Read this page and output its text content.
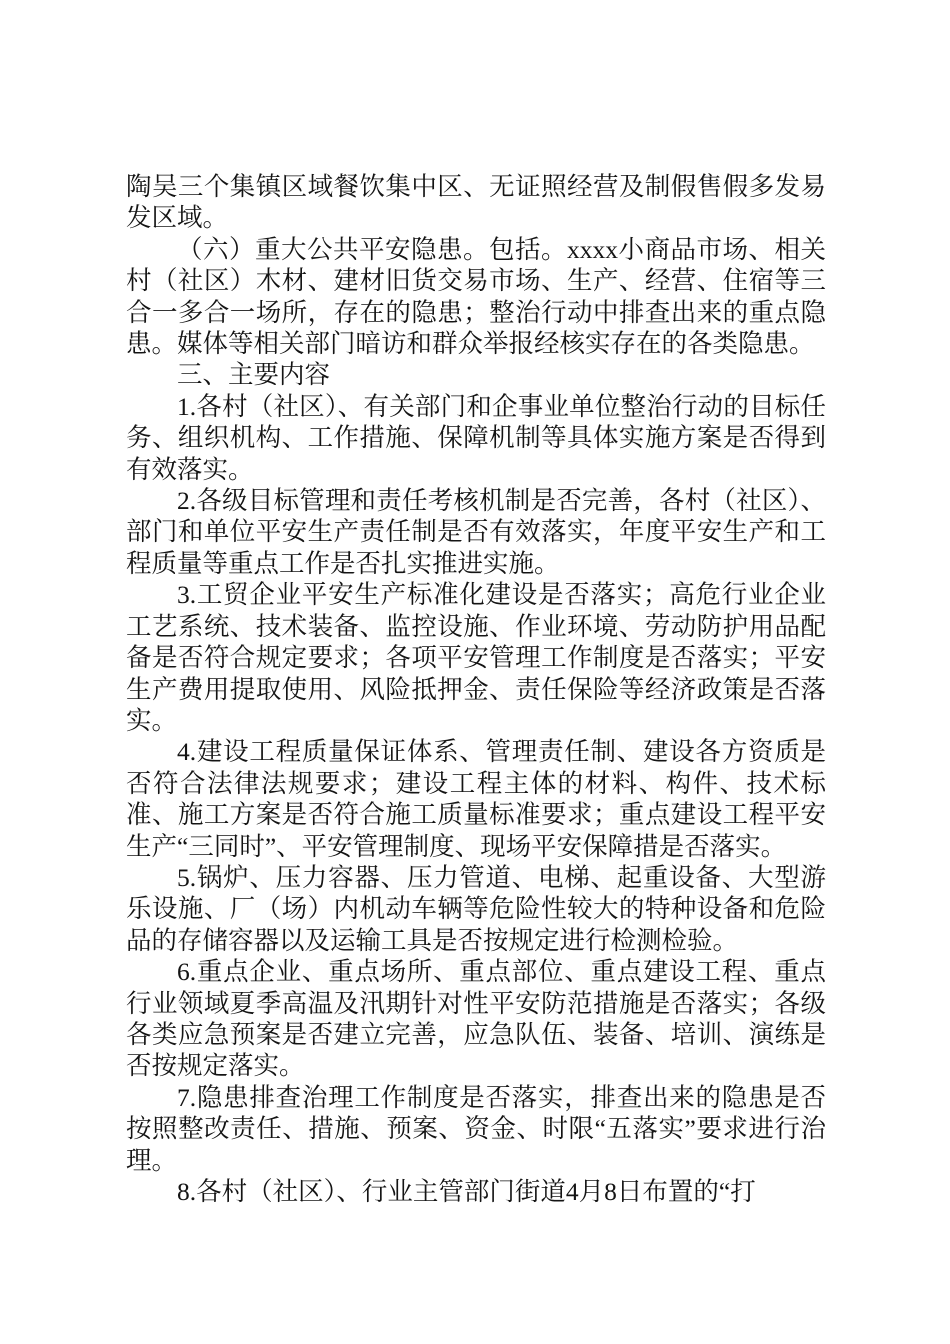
陶吴三个集镇区域餐饮集中区、无证照经营及制假售假多发易发区域。

（六）重大公共平安隐患。包括。xxxx小商品市场、相关村（社区）木材、建材旧货交易市场、生产、经营、住宿等三合一多合一场所，存在的隐患；整治行动中排查出来的重点隐患。媒体等相关部门暗访和群众举报经核实存在的各类隐患。

三、主要内容

1.各村（社区）、有关部门和企事业单位整治行动的目标任务、组织机构、工作措施、保障机制等具体实施方案是否得到有效落实。

2.各级目标管理和责任考核机制是否完善，各村（社区）、部门和单位平安生产责任制是否有效落实，年度平安生产和工程质量等重点工作是否扎实推进实施。

3.工贸企业平安生产标准化建设是否落实；高危行业企业工艺系统、技术装备、监控设施、作业环境、劳动防护用品配备是否符合规定要求；各项平安管理工作制度是否落实；平安生产费用提取使用、风险抵押金、责任保险等经济政策是否落实。

4.建设工程质量保证体系、管理责任制、建设各方资质是否符合法律法规要求；建设工程主体的材料、构件、技术标准、施工方案是否符合施工质量标准要求；重点建设工程平安生产“三同时”、平安管理制度、现场平安保障措是否落实。

5.锅炉、压力容器、压力管道、电梯、起重设备、大型游乐设施、厂（场）内机动车辆等危险性较大的特种设备和危险品的存储容器以及运输工具是否按规定进行检测检验。

6.重点企业、重点场所、重点部位、重点建设工程、重点行业领域夏季高温及汛期针对性平安防范措施是否落实；各级各类应急预案是否建立完善，应急队伍、装备、培训、演练是否按规定落实。

7.隐患排查治理工作制度是否落实，排查出来的隐患是否按照整改责任、措施、预案、资金、时限“五落实”要求进行治理。

8.各村（社区）、行业主管部门街道4月8日布置的“打
